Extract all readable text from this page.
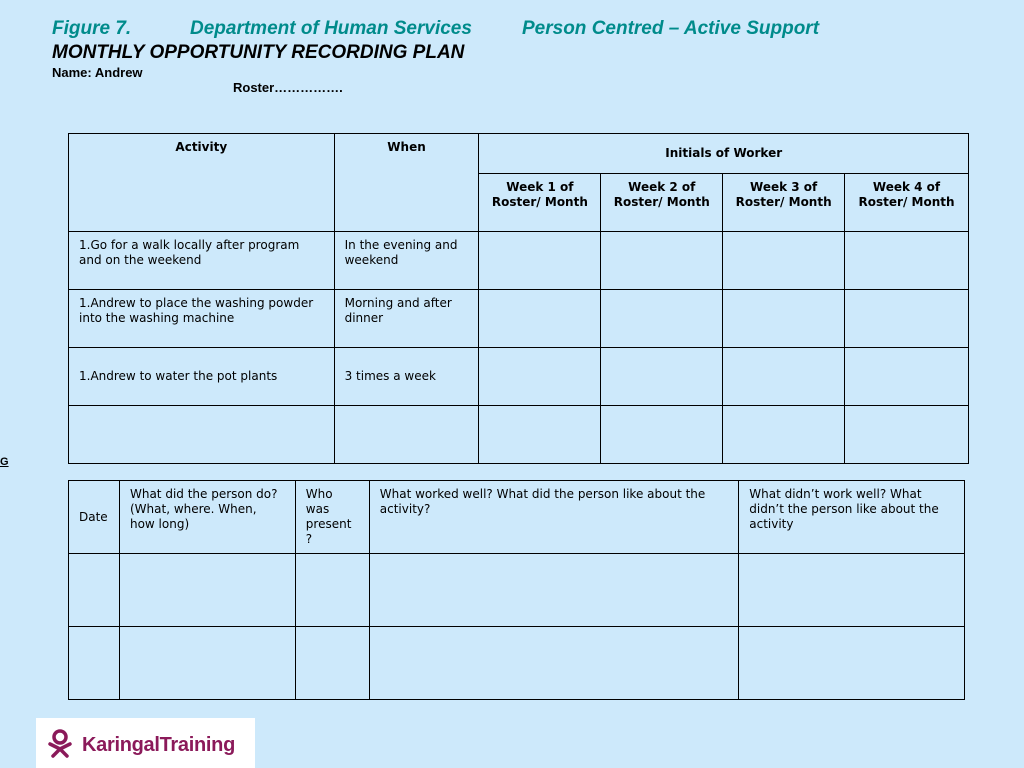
Figure 7.	Department of Human Services	Person Centred – Active Support
MONTHLY OPPORTUNITY RECORDING PLAN
Name: Andrew
Roster…………….
G
Activity	When	Initials of Worker			
		Week 1 of Roster/ Month	Week 2 of Roster/ Month	Week 3 of Roster/ Month	Week 4 of Roster/ Month
1.Go for a walk locally after program and on the weekend	In the evening and weekend				
1.Andrew to place the washing powder into the washing machine	Morning and after dinner				
1.Andrew to water the pot plants	3 times a week				

Date	What did the person do? (What, where. When, how long)	Who was present ?	What worked well? What did the person like about the activity?	What didn’t work well? What didn’t the person like about the activity

KaringalTraining
